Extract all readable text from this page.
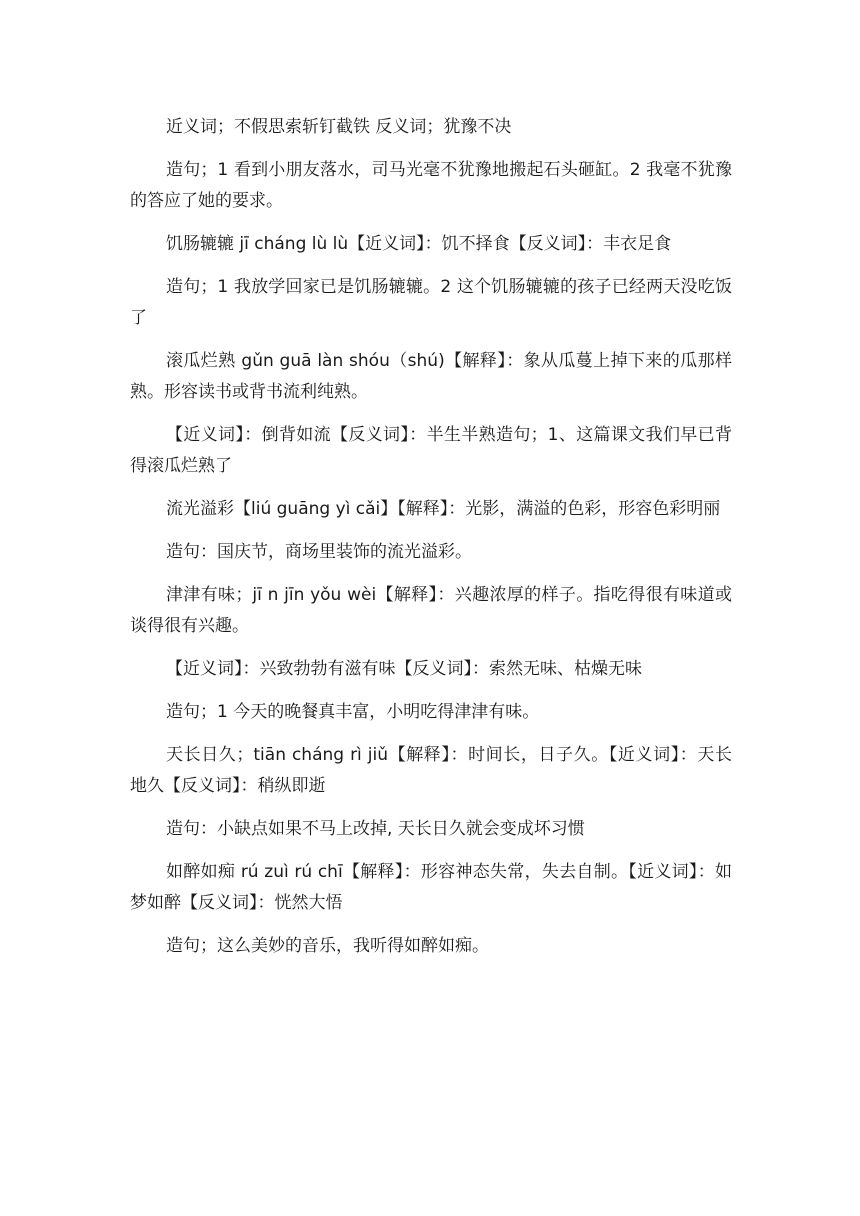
近义词；不假思索斩钉截铁 反义词；犹豫不决

造句；1 看到小朋友落水，司马光毫不犹豫地搬起石头砸缸。2 我毫不犹豫的答应了她的要求。

饥肠辘辘 jī cháng lù lù【近义词】：饥不择食【反义词】：丰衣足食

造句；1 我放学回家已是饥肠辘辘。2 这个饥肠辘辘的孩子已经两天没吃饭了

滚瓜烂熟 gǔn guā làn shóu（shú)【解释】：象从瓜蔓上掉下来的瓜那样熟。形容读书或背书流利纯熟。

【近义词】：倒背如流【反义词】：半生半熟造句；1、这篇课文我们早已背得滚瓜烂熟了

流光溢彩【liú guāng yì cǎi】【解释】：光影，满溢的色彩，形容色彩明丽

造句：国庆节，商场里装饰的流光溢彩。

津津有味；jī n jīn yǒu wèi【解释】：兴趣浓厚的样子。指吃得很有味道或谈得很有兴趣。

【近义词】：兴致勃勃有滋有味【反义词】：索然无味、枯燥无味

造句；1 今天的晚餐真丰富，小明吃得津津有味。

天长日久；tiān cháng rì jiǔ【解释】：时间长，日子久。【近义词】：天长地久【反义词】：稍纵即逝

造句：小缺点如果不马上改掉, 天长日久就会变成坏习惯

如醉如痴 rú zuì rú chī【解释】：形容神态失常，失去自制。【近义词】：如梦如醉【反义词】：恍然大悟

造句；这么美妙的音乐，我听得如醉如痴。
